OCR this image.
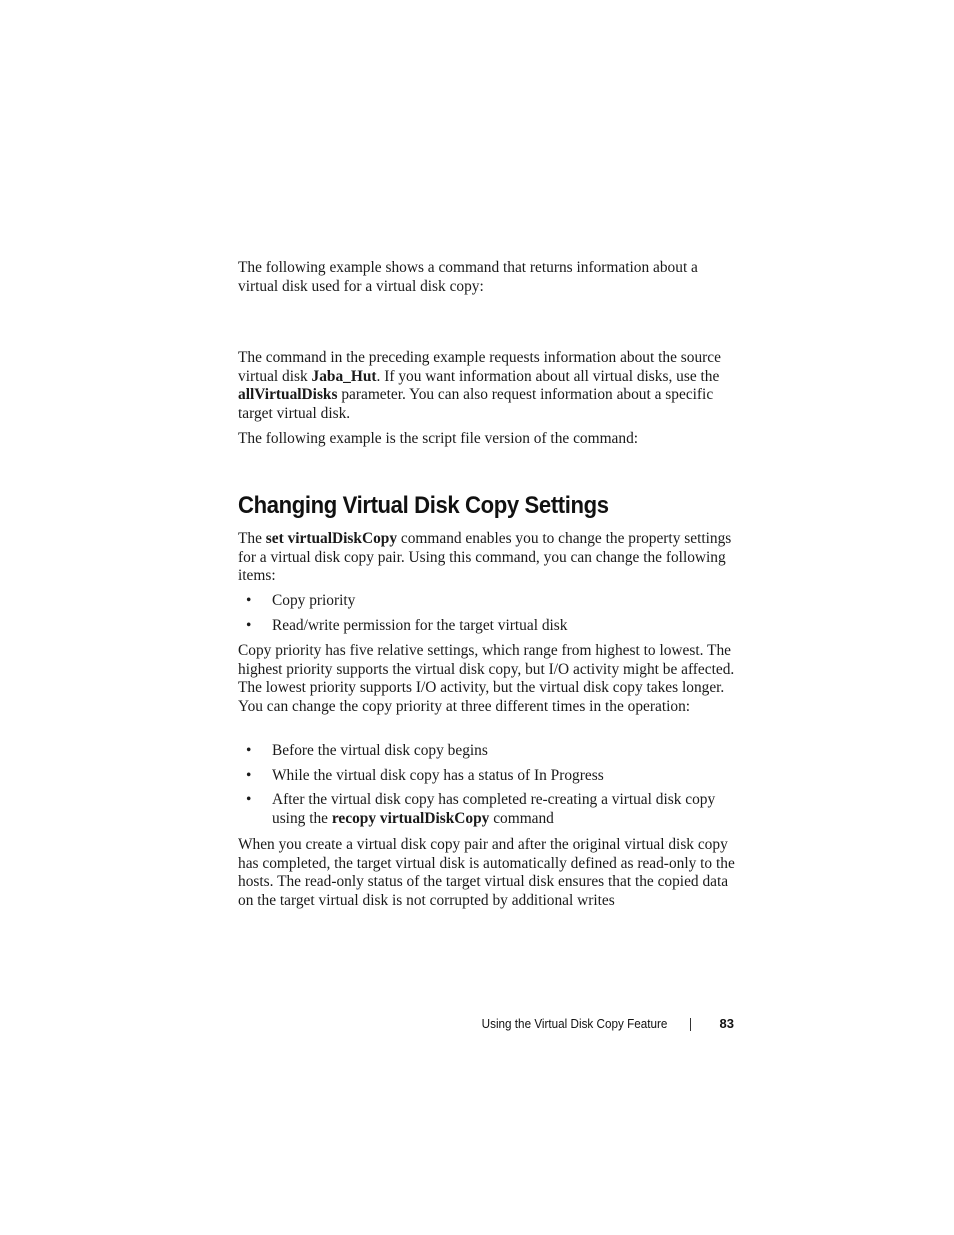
The following example shows a command that returns information about a virtual disk used for a virtual disk copy:

The command in the preceding example requests information about the source virtual disk Jaba_Hut. If you want information about all virtual disks, use the allVirtualDisks parameter. You can also request information about a specific target virtual disk.

The following example is the script file version of the command:

Changing Virtual Disk Copy Settings

The set virtualDiskCopy command enables you to change the property settings for a virtual disk copy pair. Using this command, you can change the following items:

• Copy priority
• Read/write permission for the target virtual disk

Copy priority has five relative settings, which range from highest to lowest. The highest priority supports the virtual disk copy, but I/O activity might be affected. The lowest priority supports I/O activity, but the virtual disk copy takes longer. You can change the copy priority at three different times in the operation:

• Before the virtual disk copy begins
• While the virtual disk copy has a status of In Progress
• After the virtual disk copy has completed re-creating a virtual disk copy using the recopy virtualDiskCopy command

When you create a virtual disk copy pair and after the original virtual disk copy has completed, the target virtual disk is automatically defined as read-only to the hosts. The read-only status of the target virtual disk ensures that the copied data on the target virtual disk is not corrupted by additional writes

Using the Virtual Disk Copy Feature	83
